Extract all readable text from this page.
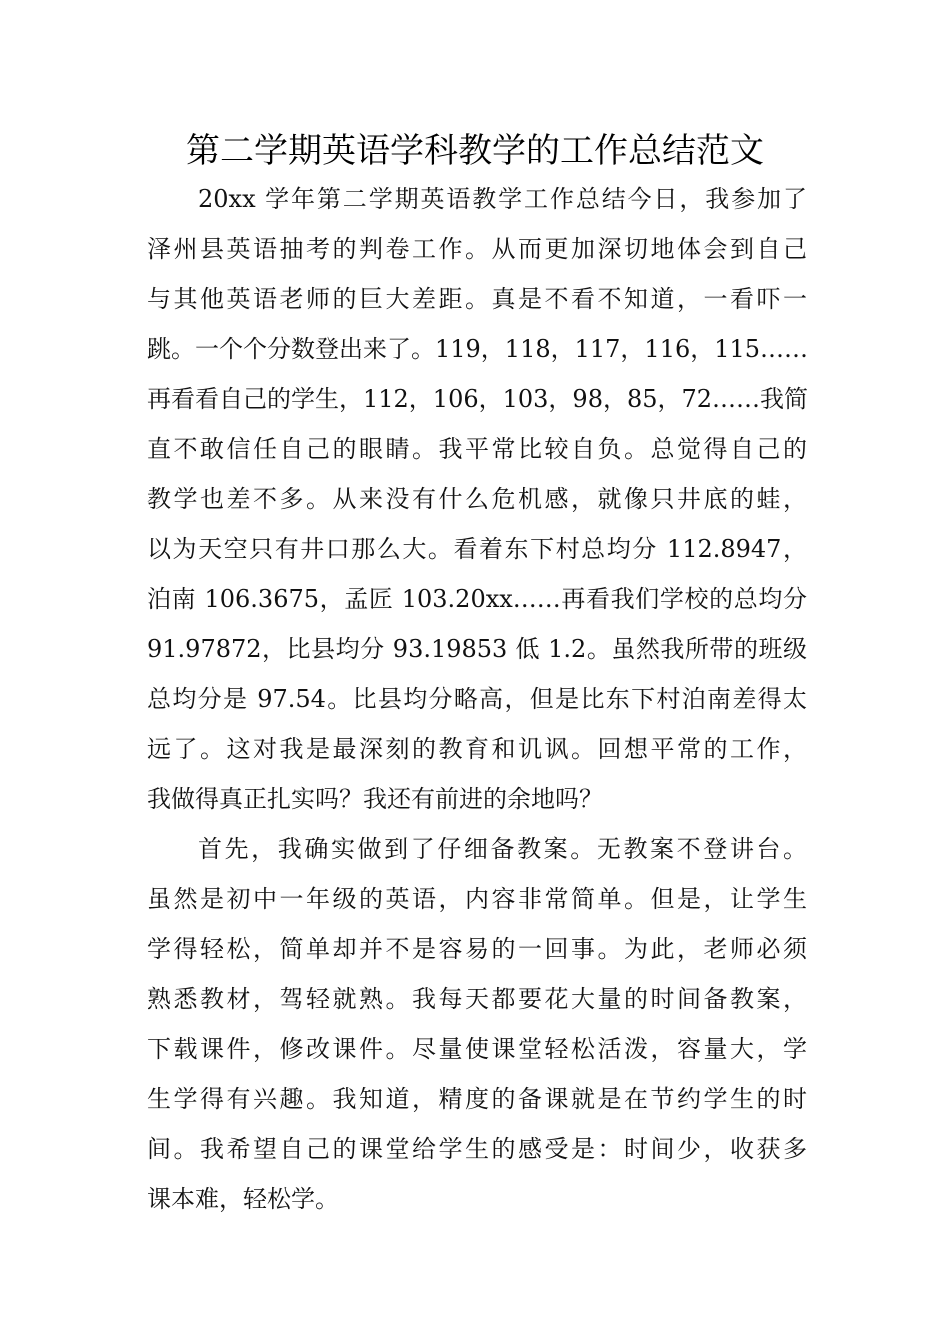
第二学期英语学科教学的工作总结范文

20xx 学年第二学期英语教学工作总结今日，我参加了

泽州县英语抽考的判卷工作。从而更加深切地体会到自己

与其他英语老师的巨大差距。真是不看不知道，一看吓一

跳。一个个分数登出来了。119，118，117，116，115……

再看看自己的学生，112，106，103，98，85，72……我简

直不敢信任自己的眼睛。我平常比较自负。总觉得自己的

教学也差不多。从来没有什么危机感，就像只井底的蛙，

以为天空只有井口那么大。看着东下村总均分 112.8947，

泊南 106.3675，孟匠 103.20xx……再看我们学校的总均分

91.97872，比县均分 93.19853 低 1.2。虽然我所带的班级

总均分是 97.54。比县均分略高，但是比东下村泊南差得太

远了。这对我是最深刻的教育和讥讽。回想平常的工作，

我做得真正扎实吗？我还有前进的余地吗？

首先，我确实做到了仔细备教案。无教案不登讲台。

虽然是初中一年级的英语，内容非常简单。但是，让学生

学得轻松，简单却并不是容易的一回事。为此，老师必须

熟悉教材，驾轻就熟。我每天都要花大量的时间备教案，

下载课件，修改课件。尽量使课堂轻松活泼，容量大，学

生学得有兴趣。我知道，精度的备课就是在节约学生的时

间。我希望自己的课堂给学生的感受是：时间少，收获多

课本难，轻松学。
